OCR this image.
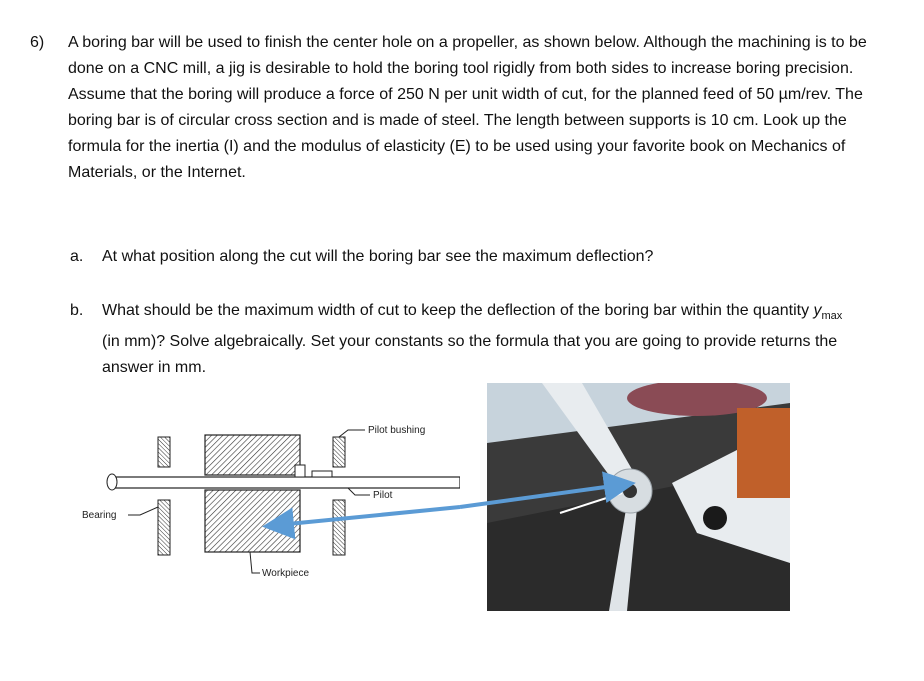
6) A boring bar will be used to finish the center hole on a propeller, as shown below. Although the machining is to be done on a CNC mill, a jig is desirable to hold the boring tool rigidly from both sides to increase boring precision. Assume that the boring will produce a force of 250 N per unit width of cut, for the planned feed of 50 µm/rev. The boring bar is of circular cross section and is made of steel. The length between supports is 10 cm. Look up the formula for the inertia (I) and the modulus of elasticity (E) to be used using your favorite book on Mechanics of Materials, or the Internet.
a. At what position along the cut will the boring bar see the maximum deflection?
b. What should be the maximum width of cut to keep the deflection of the boring bar within the quantity $y_{max}$ (in mm)? Solve algebraically. Set your constants so the formula that you are going to provide returns the answer in mm.
Pilot bushing
Pilot
Bearing
Workpiece
